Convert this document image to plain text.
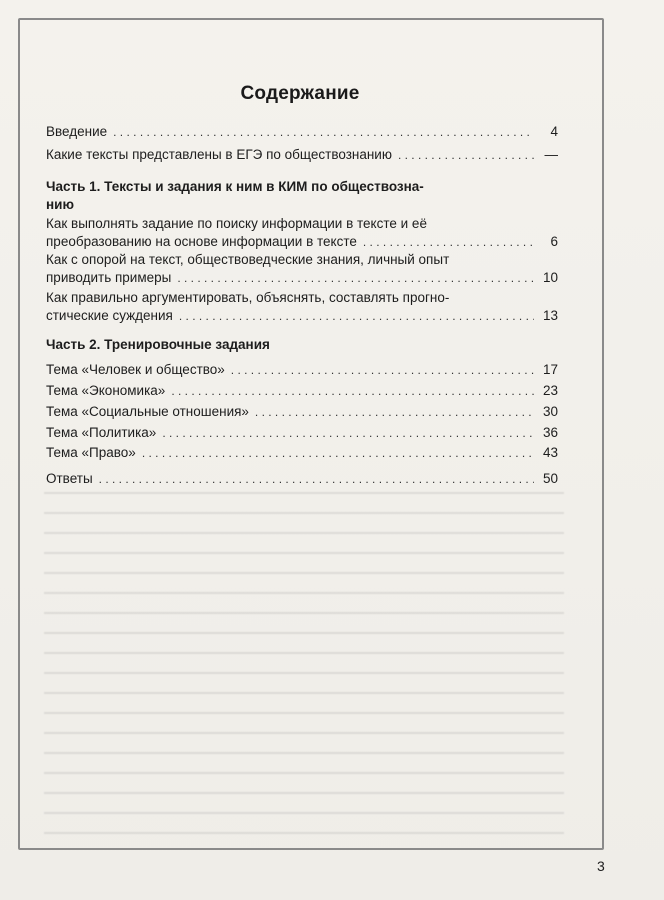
Содержание
Введение . . .	4
Какие тексты представлены в ЕГЭ по обществознанию . . .	—
Часть 1. Тексты и задания к ним в КИМ по обществозна-
нию
Как выполнять задание по поиску информации в тексте и её
преобразованию на основе информации в тексте . . .	6
Как с опорой на текст, обществоведческие знания, личный опыт
приводить примеры . . .	10
Как правильно аргументировать, объяснять, составлять прогно-
стические суждения . . .	13
Часть 2. Тренировочные задания
Тема «Человек и общество» . . .	17
Тема «Экономика» . . .	23
Тема «Социальные отношения» . . .	30
Тема «Политика» . . .	36
Тема «Право» . . .	43
Ответы . . .	50
3
